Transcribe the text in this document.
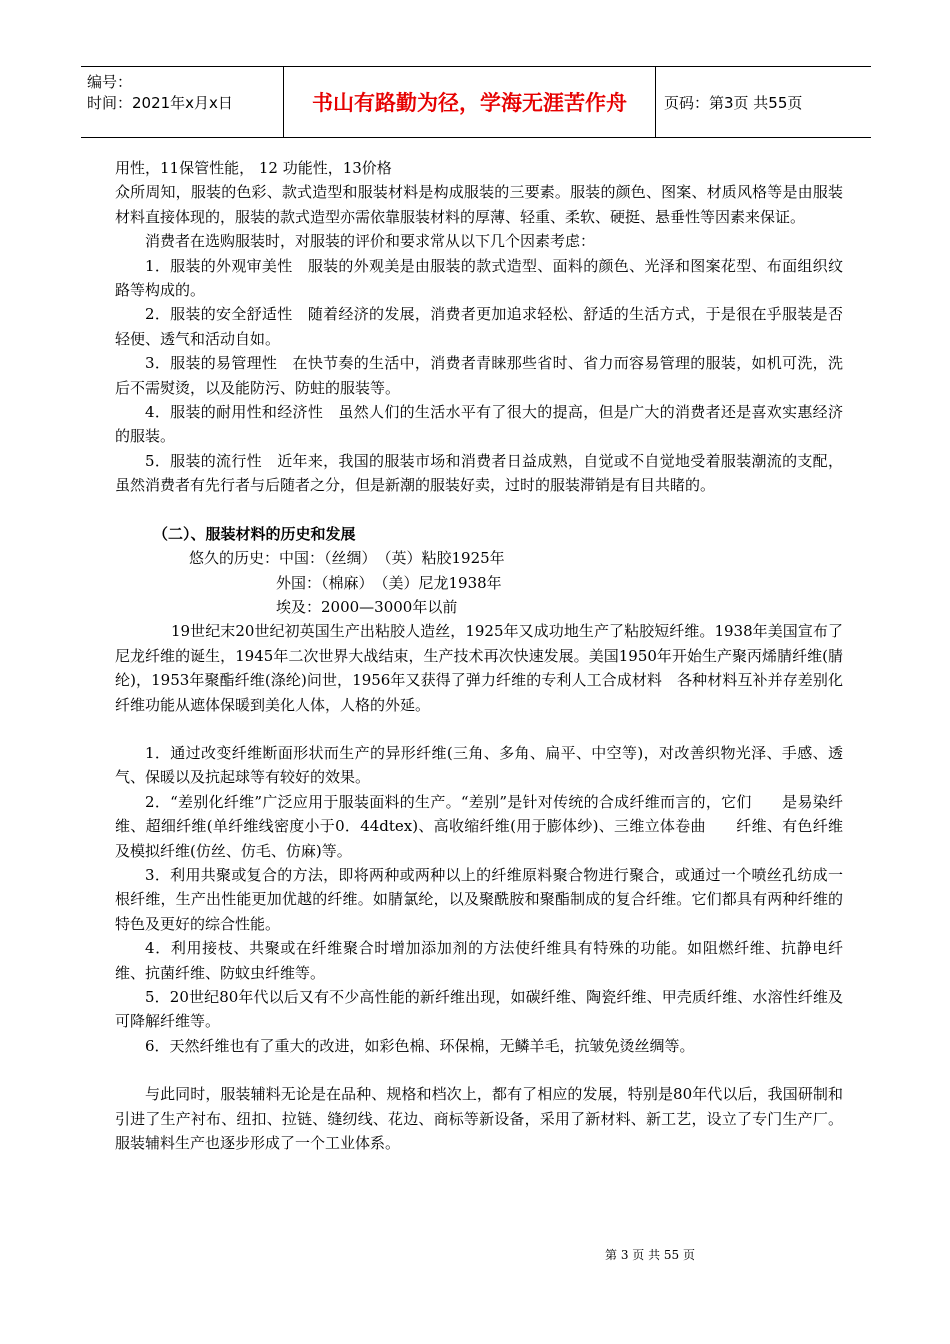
编号：
时间：2021年x月x日	书山有路勤为径，学海无涯苦作舟	页码：第3页 共55页

用性，11保管性能， 12 功能性，13价格

众所周知，服装的色彩、款式造型和服装材料是构成服装的三要素。服装的颜色、图案、材质风格等是由服装材料直接体现的，服装的款式造型亦需依靠服装材料的厚薄、轻重、柔软、硬挺、悬垂性等因素来保证。

消费者在选购服装时，对服装的评价和要求常从以下几个因素考虑：

1．服装的外观审美性　服装的外观美是由服装的款式造型、面料的颜色、光泽和图案花型、布面组织纹路等构成的。

2．服装的安全舒适性　随着经济的发展，消费者更加追求轻松、舒适的生活方式，于是很在乎服装是否轻便、透气和活动自如。

3．服装的易管理性　在快节奏的生活中，消费者青睐那些省时、省力而容易管理的服装，如机可洗，洗后不需熨烫，以及能防污、防蛀的服装等。

4．服装的耐用性和经济性　虽然人们的生活水平有了很大的提高，但是广大的消费者还是喜欢实惠经济的服装。

5．服装的流行性　近年来，我国的服装市场和消费者日益成熟，自觉或不自觉地受着服装潮流的支配，虽然消费者有先行者与后随者之分，但是新潮的服装好卖，过时的服装滞销是有目共睹的。

（二）、服装材料的历史和发展

悠久的历史：中国：（丝绸）　（英）粘胶1925年

外国：（棉麻）　（美）尼龙1938年

埃及：2000—3000年以前

19世纪末20世纪初英国生产出粘胶人造丝，1925年又成功地生产了粘胶短纤维。1938年美国宣布了尼龙纤维的诞生，1945年二次世界大战结束，生产技术再次快速发展。美国1950年开始生产聚丙烯腈纤维(腈纶)，1953年聚酯纤维(涤纶)问世，1956年又获得了弹力纤维的专利人工合成材料　各种材料互补并存差别化纤维功能从遮体保暖到美化人体，人格的外延。

1．通过改变纤维断面形状而生产的异形纤维(三角、多角、扁平、中空等)，对改善织物光泽、手感、透气、保暖以及抗起球等有较好的效果。

2．“差别化纤维”广泛应用于服装面料的生产。“差别”是针对传统的合成纤维而言的，它们　　是易染纤维、超细纤维(单纤维线密度小于0．44dtex)、高收缩纤维(用于膨体纱)、三维立体卷曲　　纤维、有色纤维及模拟纤维(仿丝、仿毛、仿麻)等。

3．利用共聚或复合的方法，即将两种或两种以上的纤维原料聚合物进行聚合，或通过一个喷丝孔纺成一根纤维，生产出性能更加优越的纤维。如腈氯纶，以及聚酰胺和聚酯制成的复合纤维。它们都具有两种纤维的特色及更好的综合性能。

4．利用接枝、共聚或在纤维聚合时增加添加剂的方法使纤维具有特殊的功能。如阻燃纤维、抗静电纤维、抗菌纤维、防蚊虫纤维等。

5．20世纪80年代以后又有不少高性能的新纤维出现，如碳纤维、陶瓷纤维、甲壳质纤维、水溶性纤维及可降解纤维等。

6．天然纤维也有了重大的改进，如彩色棉、环保棉，无鳞羊毛，抗皱免烫丝绸等。

与此同时，服装辅料无论是在品种、规格和档次上，都有了相应的发展，特别是80年代以后，我国研制和引进了生产衬布、纽扣、拉链、缝纫线、花边、商标等新设备，采用了新材料、新工艺，设立了专门生产厂。服装辅料生产也逐步形成了一个工业体系。

第 3 页 共 55 页
